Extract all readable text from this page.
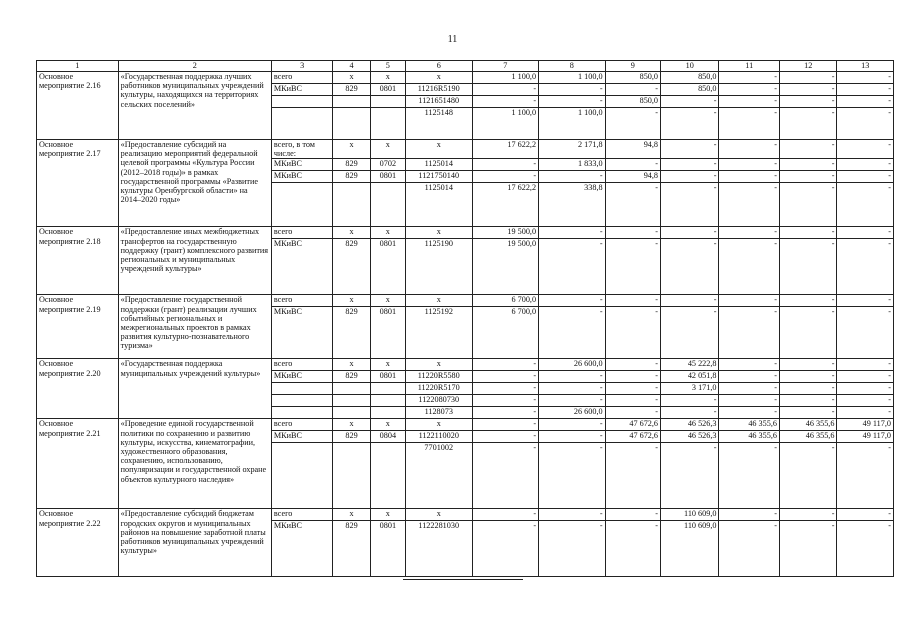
11
1	2	3	4	5	6	7	8	9	10	11	12	13
Основное мероприятие 2.16	«Государственная поддержка лучших работников муниципальных учреждений культуры, находящихся на территориях сельских поселений»	всего	х	х	х	1 100,0	1 100,0	850,0	850,0	-	-	-
		МКиВС	829	0801	11216R5190	-	-	-	850,0	-	-	-
					1121651480	-	-	850,0	-	-	-	-
					1125148	1 100,0	1 100,0	-	-	-	-	-
Основное мероприятие 2.17	«Предоставление субсидий на реализацию мероприятий федеральной целевой программы «Культура России (2012–2018 годы)» в рамках государственной программы «Развитие культуры Оренбургской области» на 2014–2020 годы»	всего, в том числе:	х	х	х	17 622,2	2 171,8	94,8	-	-	-	-
		МКиВС	829	0702	1125014	-	1 833,0	-	-	-	-	-
		МКиВС	829	0801	1121750140	-	-	94,8	-	-	-	-
					1125014	17 622,2	338,8	-	-	-	-	-
Основное мероприятие 2.18	«Предоставление иных межбюджетных трансфертов на государственную поддержку (грант) комплексного развития региональных и муниципальных учреждений культуры»	всего	х	х	х	19 500,0	-	-	-	-	-	-
		МКиВС	829	0801	1125190	19 500,0	-	-	-	-	-	-
Основное мероприятие 2.19	«Предоставление государственной поддержки (грант) реализации лучших событийных региональных и межрегиональных проектов в рамках развития культурно-познавательного туризма»	всего	х	х	х	6 700,0	-	-	-	-	-	-
		МКиВС	829	0801	1125192	6 700,0	-	-	-	-	-	-
Основное мероприятие 2.20	«Государственная поддержка муниципальных учреждений культуры»	всего	х	х	х	-	26 600,0	-	45 222,8	-	-	-
		МКиВС	829	0801	11220R5580	-	-	-	42 051,8	-	-	-
					11220R5170	-	-	-	3 171,0	-	-	-
					1122080730	-	-	-	-	-	-	-
					1128073	-	26 600,0	-	-	-	-	-
Основное мероприятие 2.21	«Проведение единой государственной политики по сохранению и развитию культуры, искусства, кинематографии, художественного образования, сохранению, использованию, популяризации и государственной охране объектов культурного наследия»	всего	х	х	х	-	-	47 672,6	46 526,3	46 355,6	46 355,6	49 117,0
		МКиВС	829	0804	1122110020	-	-	47 672,6	46 526,3	46 355,6	46 355,6	49 117,0
					7701002	-	-	-	-	-	-	-
Основное мероприятие 2.22	«Предоставление субсидий бюджетам городских округов и муниципальных районов на повышение заработной платы работников муниципальных учреждений культуры»	всего	х	х	х	-	-	-	110 609,0	-	-	-
		МКиВС	829	0801	1122281030	-	-	-	110 609,0	-	-	-
